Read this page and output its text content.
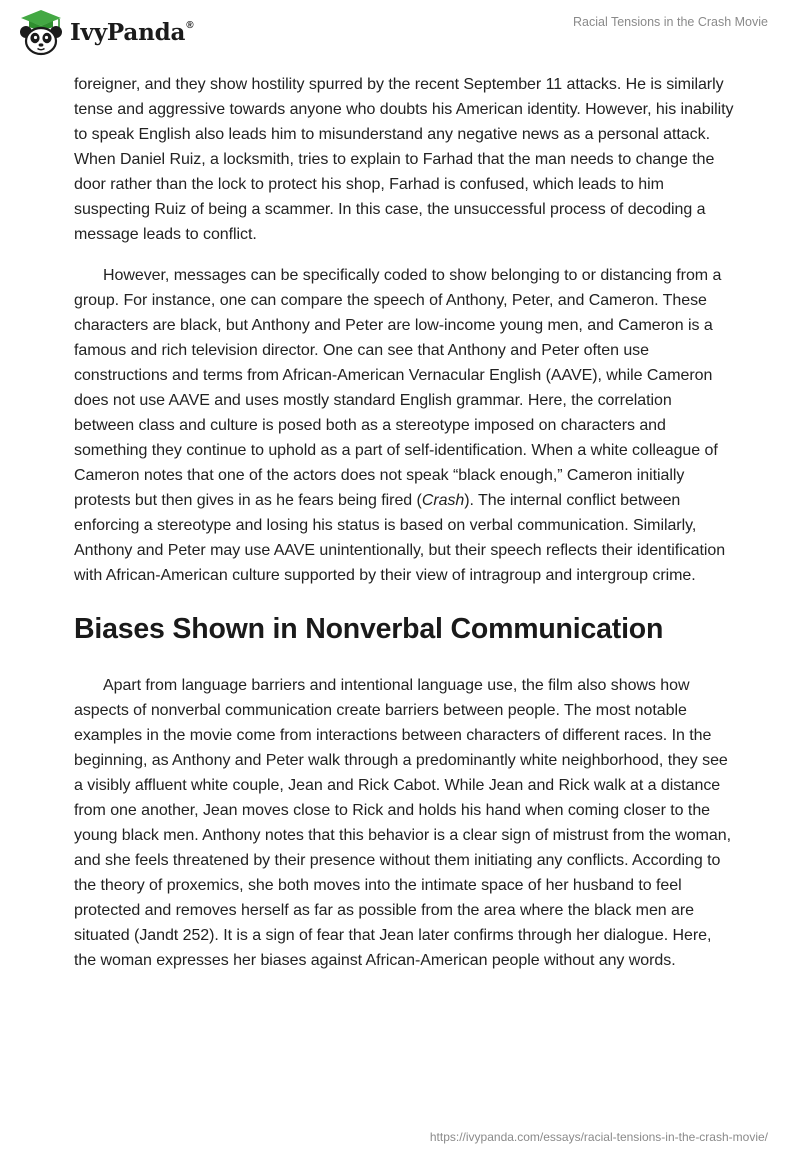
IvyPanda®	Racial Tensions in the Crash Movie

foreigner, and they show hostility spurred by the recent September 11 attacks. He is similarly tense and aggressive towards anyone who doubts his American identity. However, his inability to speak English also leads him to misunderstand any negative news as a personal attack. When Daniel Ruiz, a locksmith, tries to explain to Farhad that the man needs to change the door rather than the lock to protect his shop, Farhad is confused, which leads to him suspecting Ruiz of being a scammer. In this case, the unsuccessful process of decoding a message leads to conflict.

However, messages can be specifically coded to show belonging to or distancing from a group. For instance, one can compare the speech of Anthony, Peter, and Cameron. These characters are black, but Anthony and Peter are low-income young men, and Cameron is a famous and rich television director. One can see that Anthony and Peter often use constructions and terms from African-American Vernacular English (AAVE), while Cameron does not use AAVE and uses mostly standard English grammar. Here, the correlation between class and culture is posed both as a stereotype imposed on characters and something they continue to uphold as a part of self-identification. When a white colleague of Cameron notes that one of the actors does not speak “black enough,” Cameron initially protests but then gives in as he fears being fired (Crash). The internal conflict between enforcing a stereotype and losing his status is based on verbal communication. Similarly, Anthony and Peter may use AAVE unintentionally, but their speech reflects their identification with African-American culture supported by their view of intragroup and intergroup crime.

Biases Shown in Nonverbal Communication

Apart from language barriers and intentional language use, the film also shows how aspects of nonverbal communication create barriers between people. The most notable examples in the movie come from interactions between characters of different races. In the beginning, as Anthony and Peter walk through a predominantly white neighborhood, they see a visibly affluent white couple, Jean and Rick Cabot. While Jean and Rick walk at a distance from one another, Jean moves close to Rick and holds his hand when coming closer to the young black men. Anthony notes that this behavior is a clear sign of mistrust from the woman, and she feels threatened by their presence without them initiating any conflicts. According to the theory of proxemics, she both moves into the intimate space of her husband to feel protected and removes herself as far as possible from the area where the black men are situated (Jandt 252). It is a sign of fear that Jean later confirms through her dialogue. Here, the woman expresses her biases against African-American people without any words.

https://ivypanda.com/essays/racial-tensions-in-the-crash-movie/
